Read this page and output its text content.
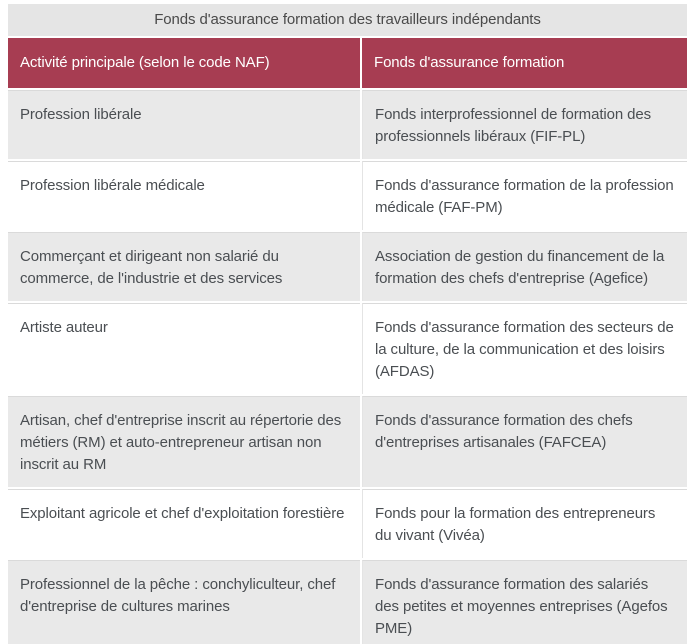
Fonds d'assurance formation des travailleurs indépendants
Activité principale (selon le code NAF)	Fonds d'assurance formation
Profession libérale	Fonds interprofessionnel de formation des professionnels libéraux (FIF-PL)
Profession libérale médicale	Fonds d'assurance formation de la profession médicale (FAF-PM)
Commerçant et dirigeant non salarié du commerce, de l'industrie et des services	Association de gestion du financement de la formation des chefs d'entreprise (Agefice)
Artiste auteur	Fonds d'assurance formation des secteurs de la culture, de la communication et des loisirs (AFDAS)
Artisan, chef d'entreprise inscrit au répertorie des métiers (RM) et auto-entrepreneur artisan non inscrit au RM	Fonds d'assurance formation des chefs d'entreprises artisanales (FAFCEA)
Exploitant agricole et chef d'exploitation forestière	Fonds pour la formation des entrepreneurs du vivant (Vivéa)
Professionnel de la pêche : conchyliculteur, chef d'entreprise de cultures marines	Fonds d'assurance formation des salariés des petites et moyennes entreprises (Agefos PME)
